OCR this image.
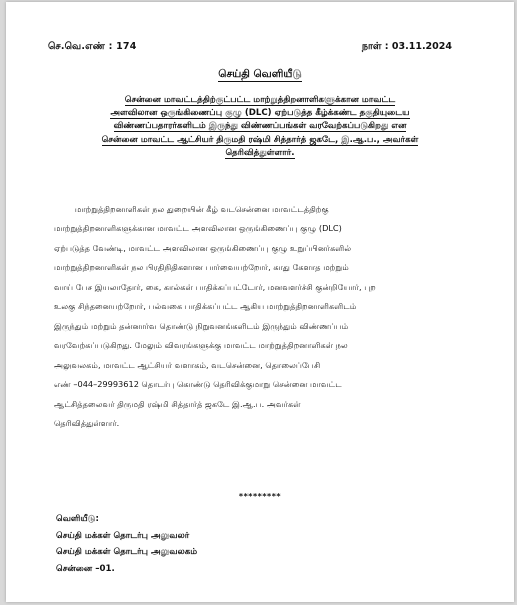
செ.வெ.எண் : 174	நாள் : 03.11.2024
செய்தி வெளியீடு
சென்னை மாவட்டத்திற்குட்பட்ட மாற்றுத்திறனாளிகளுக்கான மாவட்ட
அளவிலான ஒருங்கிணைப்பு குழு (DLC) ஏற்படுத்த கீழ்க்கண்ட தகுதியுடைய
விண்ணப்பதாரர்களிடம் இருந்து விண்ணப்பங்கள் வரவேற்கப்படுகிறது என
சென்னை மாவட்ட ஆட்சியர் திருமதி ரஷ்மி சித்தார்த் ஜகடே, இ.ஆ.ப., அவர்கள்
தெரிவித்துள்ளார்.
மாற்றுத்திறனாளிகள் நல துறையின் கீழ் வடசென்னை மாவட்டத்திற்கு
மாற்றுத்திறனாளிகளுக்கான மாவட்ட அளவிலான ஒருங்கிணைப்பு குழு (DLC)
ஏற்படுத்த வேண்டி, மாவட்ட அளவிலான ஒருங்கிணைப்பு குழு உறுப்பினர்களில்
மாற்றுத்திறனாளிகள் நல பிரதிநிதிகளான பார்வையற்றோர், காது கேளாத மற்றும்
வாய் பேச இயலாதோர், கை, கால்கள் பாதிக்கப்பட்டோர், மனவளர்ச்சி குன்றியோர், புற
உலகு சிந்தனையற்றோர், பல்வகை பாதிக்கப்பட்ட ஆகிய மாற்றுத்திறனாளிகளிடம்
இருந்தும் மற்றும் தன்னார்வ தொண்டு நிறுவனங்களிடம் இருந்தும் விண்ணப்பம்
வரவேற்கப்படுகிறது. மேலும் விவரங்களுக்கு மாவட்ட மாற்றுத்திறனாளிகள் நல
அலுவலகம், மாவட்ட ஆட்சியர் வளாகம், வடசென்னை, தொலைப்பேசி
எண் –044–29993612 தொடர்பு கொண்டு தெரிவிக்குமாறு சென்னை மாவட்ட
ஆட்சித்தலைவர் திருமதி ரஷ்மி சித்தார்த் ஜகடே இ.ஆ.ப. அவர்கள்
தெரிவித்துள்ளார்.
*********
வெளியீடு:
செய்தி மக்கள் தொடர்பு அலுவலர்
செய்தி மக்கள் தொடர்பு அலுவலகம்
சென்னை –01.
